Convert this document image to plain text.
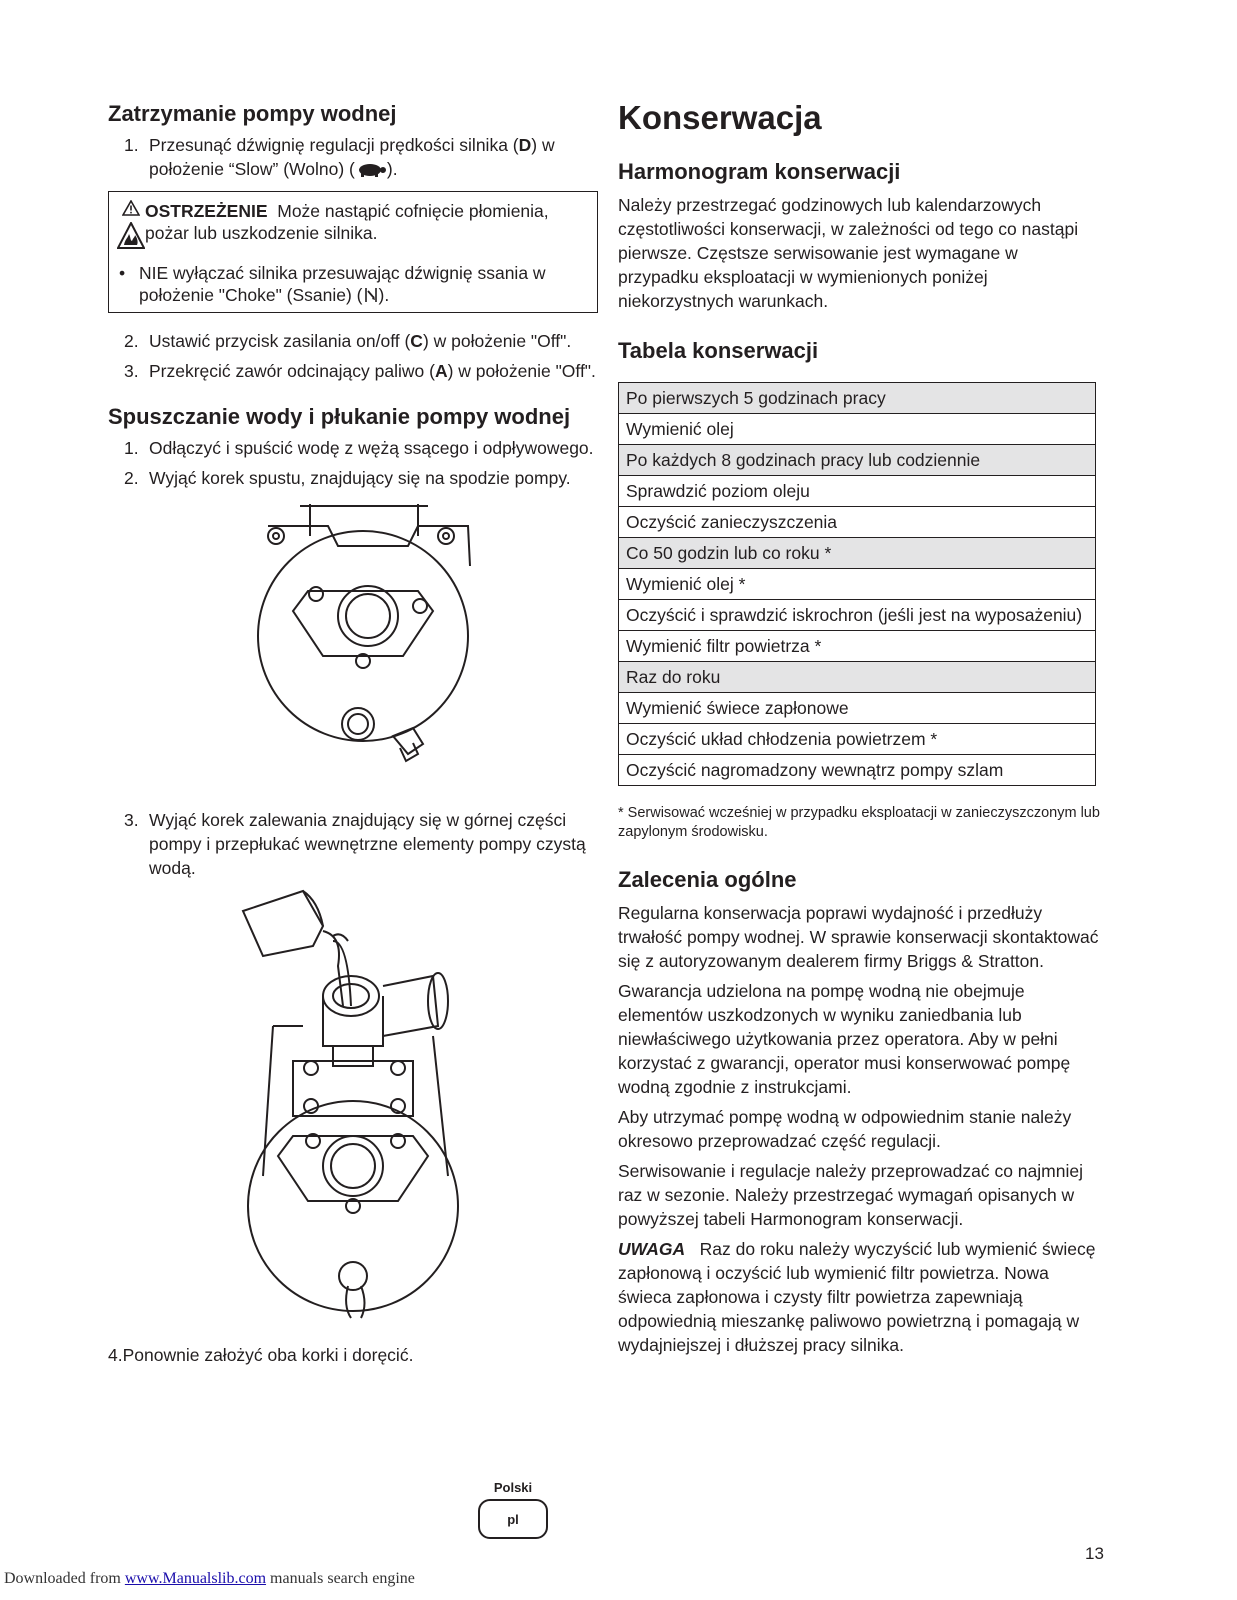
Zatrzymanie pompy wodnej
1. Przesunąć dźwignię regulacji prędkości silnika (D) w położenie “Slow” (Wolno) ( ).
OSTRZEŻENIE Może nastąpić cofnięcie płomienia, pożar lub uszkodzenie silnika.
• NIE wyłączać silnika przesuwając dźwignię ssania w położenie "Choke" (Ssanie) ( ).
2. Ustawić przycisk zasilania on/off (C) w położenie "Off".
3. Przekręcić zawór odcinający paliwo (A) w położenie "Off".
Spuszczanie wody i płukanie pompy wodnej
1. Odłączyć i spuścić wodę z wężą ssącego i odpływowego.
2. Wyjąć korek spustu, znajdujący się na spodzie pompy.
3. Wyjąć korek zalewania znajdujący się w górnej części pompy i przepłukać wewnętrzne elementy pompy czystą wodą.
4.Ponownie założyć oba korki i doręcić.
Konserwacja
Harmonogram konserwacji

Należy przestrzegać godzinowych lub kalendarzowych częstotliwości konserwacji, w zależności od tego co nastąpi pierwsze. Częstsze serwisowanie jest wymagane w przypadku eksploatacji w wymienionych poniżej niekorzystnych warunkach.

Tabela konserwacji
Po pierwszych 5 godzinach pracy
Wymienić olej
Po każdych 8 godzinach pracy lub codziennie
Sprawdzić poziom oleju
Oczyścić zanieczyszczenia
Co 50 godzin lub co roku *
Wymienić olej *
Oczyścić i sprawdzić iskrochron (jeśli jest na wyposażeniu)
Wymienić filtr powietrza *
Raz do roku
Wymienić świece zapłonowe
Oczyścić układ chłodzenia powietrzem *
Oczyścić nagromadzony wewnątrz pompy szlam

* Serwisować wcześniej w przypadku eksploatacji w zanieczyszczonym lub zapylonym środowisku.

Zalecenia ogólne

Regularna konserwacja poprawi wydajność i przedłuży trwałość pompy wodnej. W sprawie konserwacji skontaktować się z autoryzowanym dealerem firmy Briggs & Stratton.

Gwarancja udzielona na pompę wodną nie obejmuje elementów uszkodzonych w wyniku zaniedbania lub niewłaściwego użytkowania przez operatora. Aby w pełni korzystać z gwarancji, operator musi konserwować pompę wodną zgodnie z instrukcjami.

Aby utrzymać pompę wodną w odpowiednim stanie należy okresowo przeprowadzać część regulacji.

Serwisowanie i regulacje należy przeprowadzać co najmniej raz w sezonie. Należy przestrzegać wymagań opisanych w powyższej tabeli Harmonogram konserwacji.

UWAGA Raz do roku należy wyczyścić lub wymienić świecę zapłonową i oczyścić lub wymienić filtr powietrza. Nowa świeca zapłonowa i czysty filtr powietrza zapewniają odpowiednią mieszankę paliwowo powietrzną i pomagają w wydajniejszej i dłuższej pracy silnika.

Polski
pl
13
Downloaded from www.Manualslib.com manuals search engine
